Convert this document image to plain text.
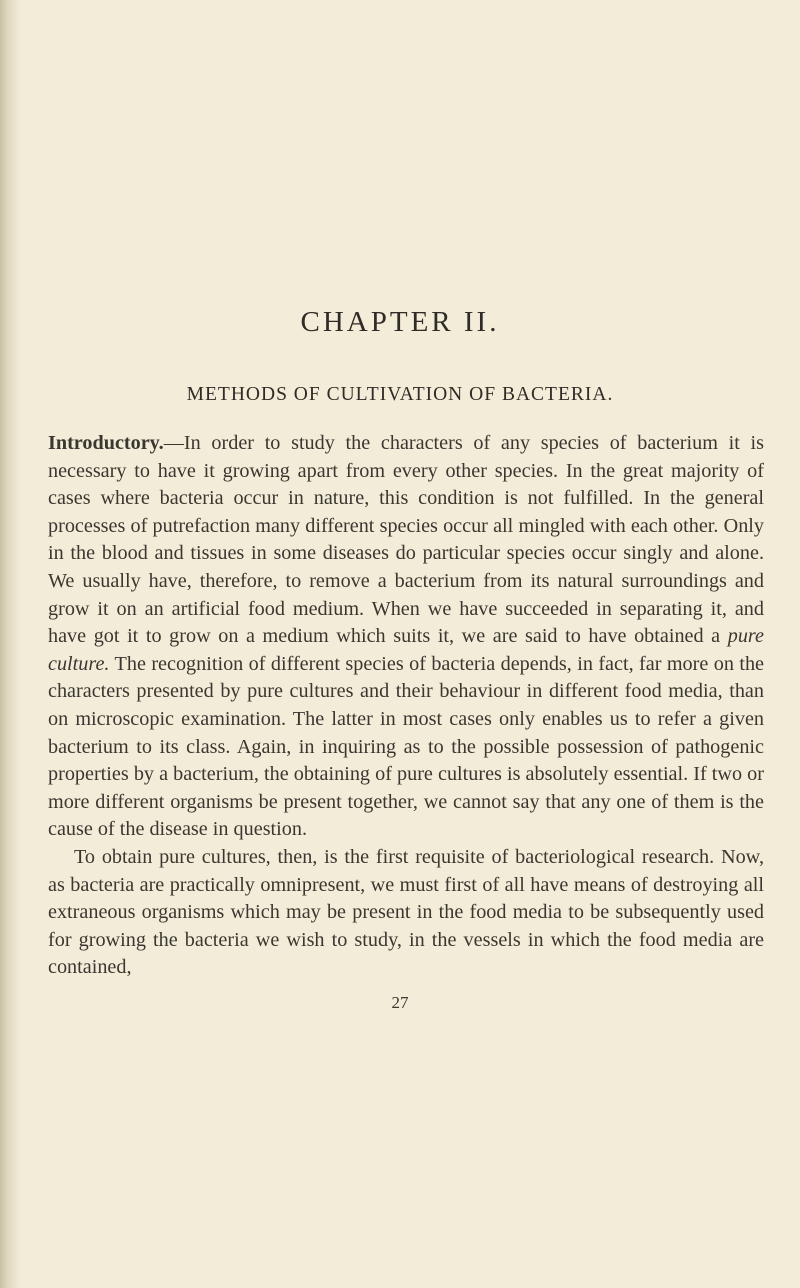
CHAPTER II.
METHODS OF CULTIVATION OF BACTERIA.

Introductory.—In order to study the characters of any species of bacterium it is necessary to have it growing apart from every other species. In the great majority of cases where bacteria occur in nature, this condition is not fulfilled. In the general processes of putrefaction many different species occur all mingled with each other. Only in the blood and tissues in some diseases do particular species occur singly and alone. We usually have, therefore, to remove a bacterium from its natural surroundings and grow it on an artificial food medium. When we have succeeded in separating it, and have got it to grow on a medium which suits it, we are said to have obtained a pure culture. The recognition of different species of bacteria depends, in fact, far more on the characters presented by pure cultures and their behaviour in different food media, than on microscopic examination. The latter in most cases only enables us to refer a given bacterium to its class. Again, in inquiring as to the possible possession of pathogenic properties by a bacterium, the obtaining of pure cultures is absolutely essential. If two or more different organisms be present together, we cannot say that any one of them is the cause of the disease in question.

To obtain pure cultures, then, is the first requisite of bacteriological research. Now, as bacteria are practically omnipresent, we must first of all have means of destroying all extraneous organisms which may be present in the food media to be subsequently used for growing the bacteria we wish to study, in the vessels in which the food media are contained,

27
